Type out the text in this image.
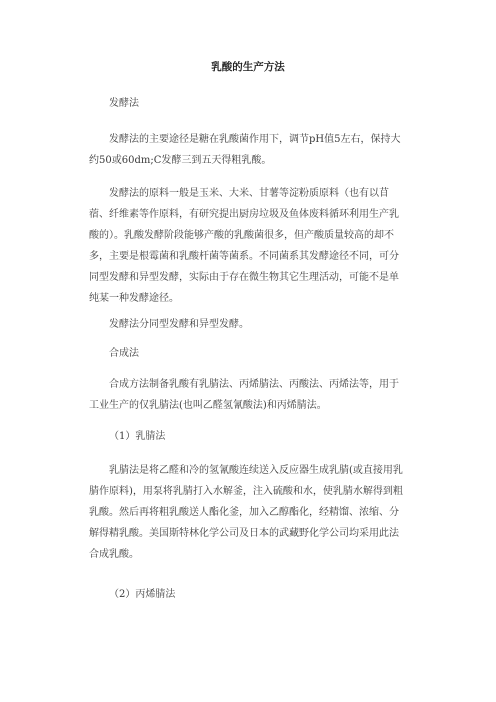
乳酸的生产方法

发酵法

发酵法的主要途径是糖在乳酸菌作用下，调节pH值5左右，保持大约50或60dm;C发酵三到五天得粗乳酸。

发酵法的原料一般是玉米、大米、甘薯等淀粉质原料（也有以苜蓿、纤维素等作原料，有研究提出厨房垃圾及鱼体废料循环利用生产乳酸的）。乳酸发酵阶段能够产酸的乳酸菌很多，但产酸质量较高的却不多，主要是根霉菌和乳酸杆菌等菌系。不同菌系其发酵途径不同，可分同型发酵和异型发酵，实际由于存在微生物其它生理活动，可能不是单纯某一种发酵途径。

发酵法分同型发酵和异型发酵。

合成法

合成方法制备乳酸有乳腈法、丙烯腈法、丙酸法、丙烯法等，用于工业生产的仅乳腈法(也叫乙醛氢氰酸法)和丙烯腈法。

（1）乳腈法

乳腈法是将乙醛和冷的氢氰酸连续送入反应器生成乳腈(或直接用乳腈作原料)，用泵将乳腈打入水解釜，注入硫酸和水，使乳腈水解得到粗乳酸。然后再将粗乳酸送人酯化釜，加入乙醇酯化，经精馏、浓缩、分解得精乳酸。美国斯特林化学公司及日本的武藏野化学公司均采用此法合成乳酸。

（2）丙烯腈法
